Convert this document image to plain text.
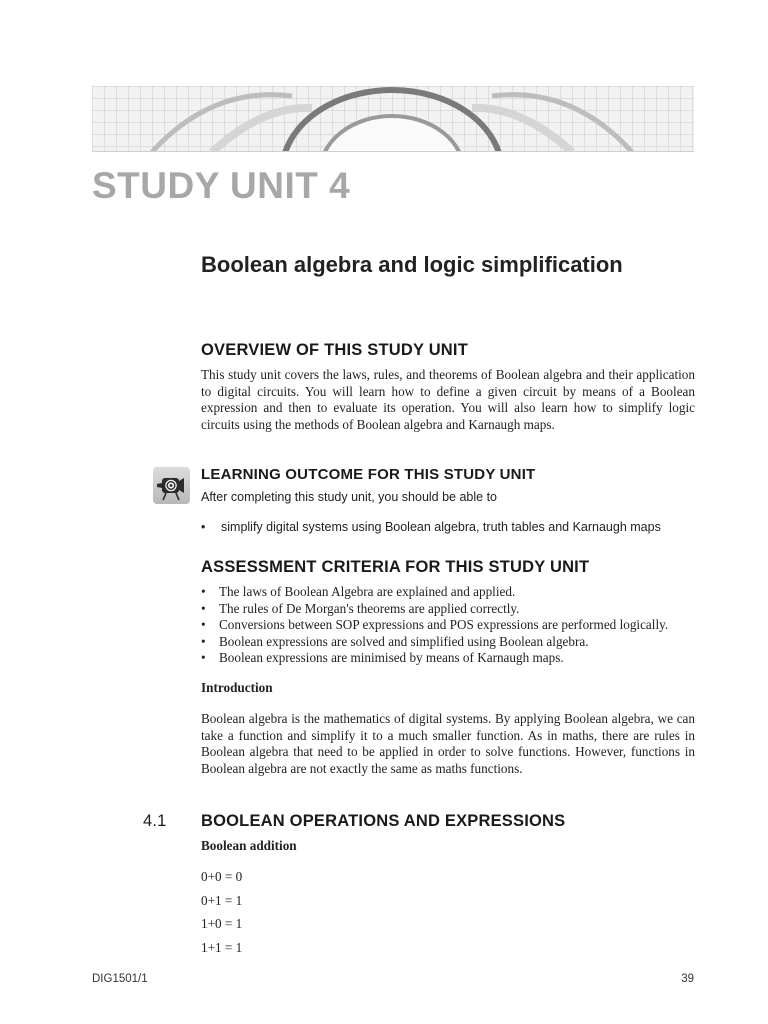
STUDY UNIT 4
Boolean algebra and logic simplification
OVERVIEW OF THIS STUDY UNIT

This study unit covers the laws, rules, and theorems of Boolean algebra and their application to digital circuits. You will learn how to define a given circuit by means of a Boolean expression and then to evaluate its operation. You will also learn how to simplify logic circuits using the methods of Boolean algebra and Karnaugh maps.

LEARNING OUTCOME FOR THIS STUDY UNIT

After completing this study unit, you should be able to

• simplify digital systems using Boolean algebra, truth tables and Karnaugh maps
ASSESSMENT CRITERIA FOR THIS STUDY UNIT
• The laws of Boolean Algebra are explained and applied.
• The rules of De Morgan's theorems are applied correctly.
• Conversions between SOP expressions and POS expressions are performed logically.
• Boolean expressions are solved and simplified using Boolean algebra.
• Boolean expressions are minimised by means of Karnaugh maps.

Introduction

Boolean algebra is the mathematics of digital systems. By applying Boolean algebra, we can take a function and simplify it to a much smaller function. As in maths, there are rules in Boolean algebra that need to be applied in order to solve functions. However, functions in Boolean algebra are not exactly the same as maths functions.

4.1 BOOLEAN OPERATIONS AND EXPRESSIONS

Boolean addition

0+0 = 0
0+1 = 1
1+0 = 1
1+1 = 1
DIG1501/1	39
